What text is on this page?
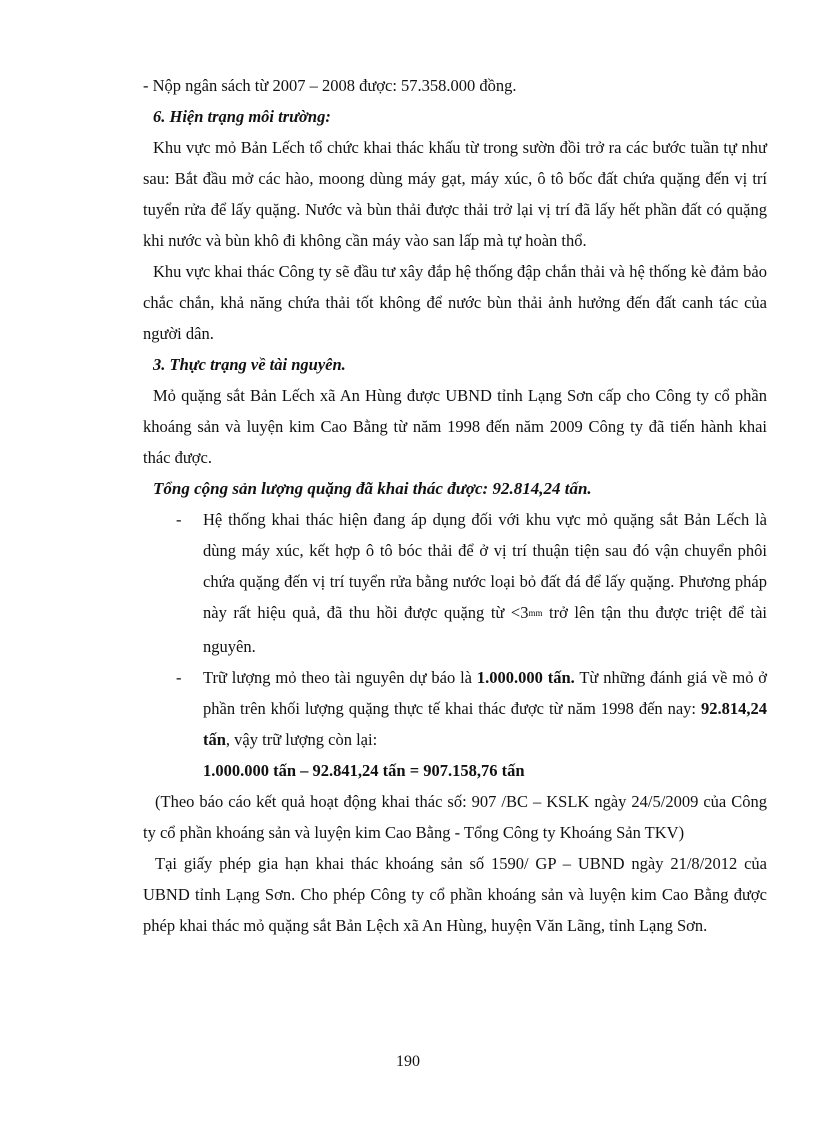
- Nộp ngân sách từ 2007 – 2008 được: 57.358.000 đồng.

6. Hiện trạng môi trường:

Khu vực mỏ Bản Lếch tổ chức khai thác khấu từ trong sườn đồi trở ra các bước tuần tự như sau: Bắt đầu mở các hào, moong dùng máy gạt, máy xúc, ô tô bốc đất chứa quặng đến vị trí tuyển rửa để lấy quặng. Nước và bùn thải được thải trở lại vị trí đã lấy hết phần đất có quặng khi nước và bùn khô đi không cần máy vào san lấp mà tự hoàn thổ.

Khu vực khai thác Công ty sẽ đầu tư xây đắp hệ thống đập chắn thải và hệ thống kè đảm bảo chắc chắn, khả năng chứa thải tốt không để nước bùn thải ảnh hưởng đến đất canh tác của người dân.

3. Thực trạng về tài nguyên.

Mỏ quặng sắt Bản Lếch xã An Hùng được UBND tỉnh Lạng Sơn cấp cho Công ty cổ phần khoáng sản và luyện kim Cao Bằng từ năm 1998 đến năm 2009 Công ty đã tiến hành khai thác được.

Tổng cộng sản lượng quặng đã khai thác được: 92.814,24 tấn.

- Hệ thống khai thác hiện đang áp dụng đối với khu vực mỏ quặng sắt Bản Lếch là dùng máy xúc, kết hợp ô tô bóc thải để ở vị trí thuận tiện sau đó vận chuyển phôi chứa quặng đến vị trí tuyển rửa bằng nước loại bỏ đất đá để lấy quặng. Phương pháp này rất hiệu quả, đã thu hồi được quặng từ <3mm trở lên tận thu được triệt để tài nguyên.
- Trữ lượng mỏ theo tài nguyên dự báo là 1.000.000 tấn. Từ những đánh giá về mỏ ở phần trên khối lượng quặng thực tế khai thác được từ năm 1998 đến nay: 92.814,24 tấn, vậy trữ lượng còn lại:

1.000.000 tấn – 92.841,24 tấn = 907.158,76 tấn

(Theo báo cáo kết quả hoạt động khai thác số: 907 /BC – KSLK ngày 24/5/2009 của Công ty cổ phần khoáng sản và luyện kim Cao Bằng - Tổng Công ty Khoáng Sản TKV)

Tại giấy phép gia hạn khai thác khoáng sản số 1590/ GP – UBND ngày 21/8/2012 của UBND tỉnh Lạng Sơn. Cho phép Công ty cổ phần khoáng sản và luyện kim Cao Bằng được phép khai thác mỏ quặng sắt Bản Lệch xã An Hùng, huyện Văn Lãng, tỉnh Lạng Sơn.

190
